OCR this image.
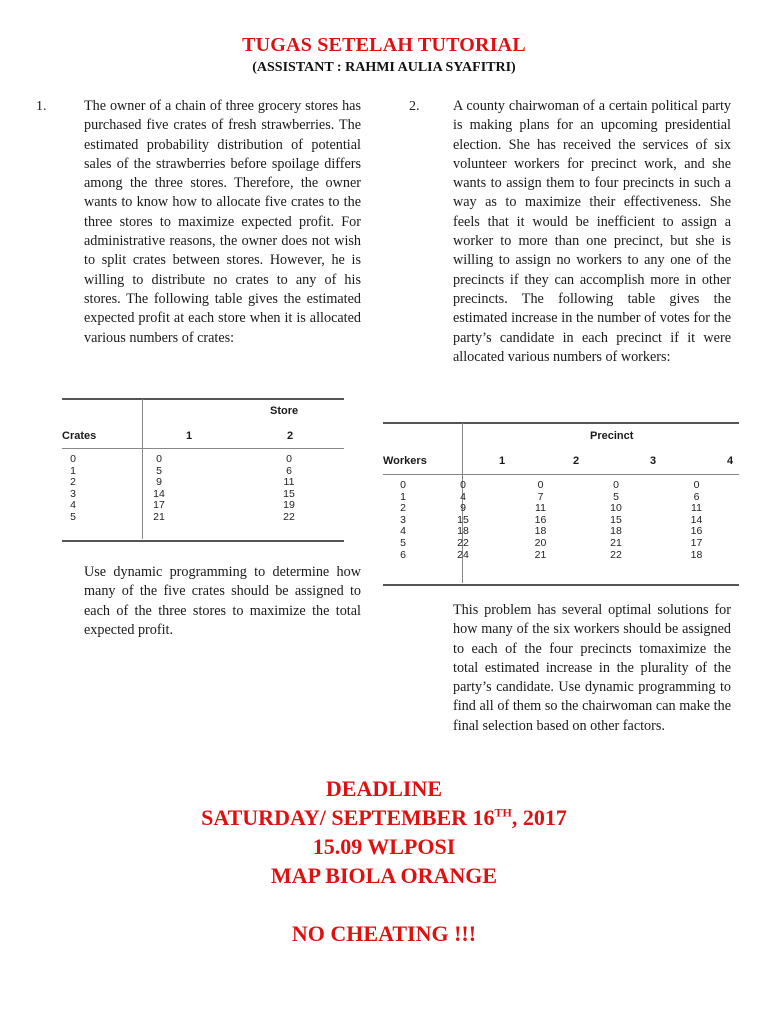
TUGAS SETELAH TUTORIAL
(ASSISTANT : RAHMI AULIA SYAFITRI)
1.	The owner of a chain of three grocery stores has purchased five crates of fresh strawberries. The estimated probability distribution of potential sales of the strawberries before spoilage differs among the three stores. Therefore, the owner wants to know how to allocate five crates to the three stores to maximize expected profit. For administrative reasons, the owner does not wish to split crates between stores. However, he is willing to distribute no crates to any of his stores. The following table gives the estimated expected profit at each store when it is allocated various numbers of crates:

Store
Crates	1	2
0	0	0
1	5	6
2	9	11
3	14	15
4	17	19
5	21	22

Use dynamic programming to determine how many of the five crates should be assigned to each of the three stores to maximize the total expected profit.

2. A county chairwoman of a certain political party is making plans for an upcoming presidential election. She has received the services of six volunteer workers for precinct work, and she wants to assign them to four precincts in such a way as to maximize their effectiveness. She feels that it would be inefficient to assign a worker to more than one precinct, but she is willing to assign no workers to any one of the precincts if they can accomplish more in other precincts. The following table gives the estimated increase in the number of votes for the party’s candidate in each precinct if it were allocated various numbers of workers:

Precinct
Workers	1	2	3	4
0	0	0	0	0
1	4	7	5	6
2	9	11	10	11
3	15	16	15	14
4	18	18	18	16
5	22	20	21	17
6	24	21	22	18

This problem has several optimal solutions for how many of the six workers should be assigned to each of the four precincts tomaximize the total estimated increase in the plurality of the party’s candidate. Use dynamic programming to find all of them so the chairwoman can make the final selection based on other factors.

DEADLINE
SATURDAY/ SEPTEMBER 16TH, 2017
15.09 WLPOSI
MAP BIOLA ORANGE
NO CHEATING !!!
